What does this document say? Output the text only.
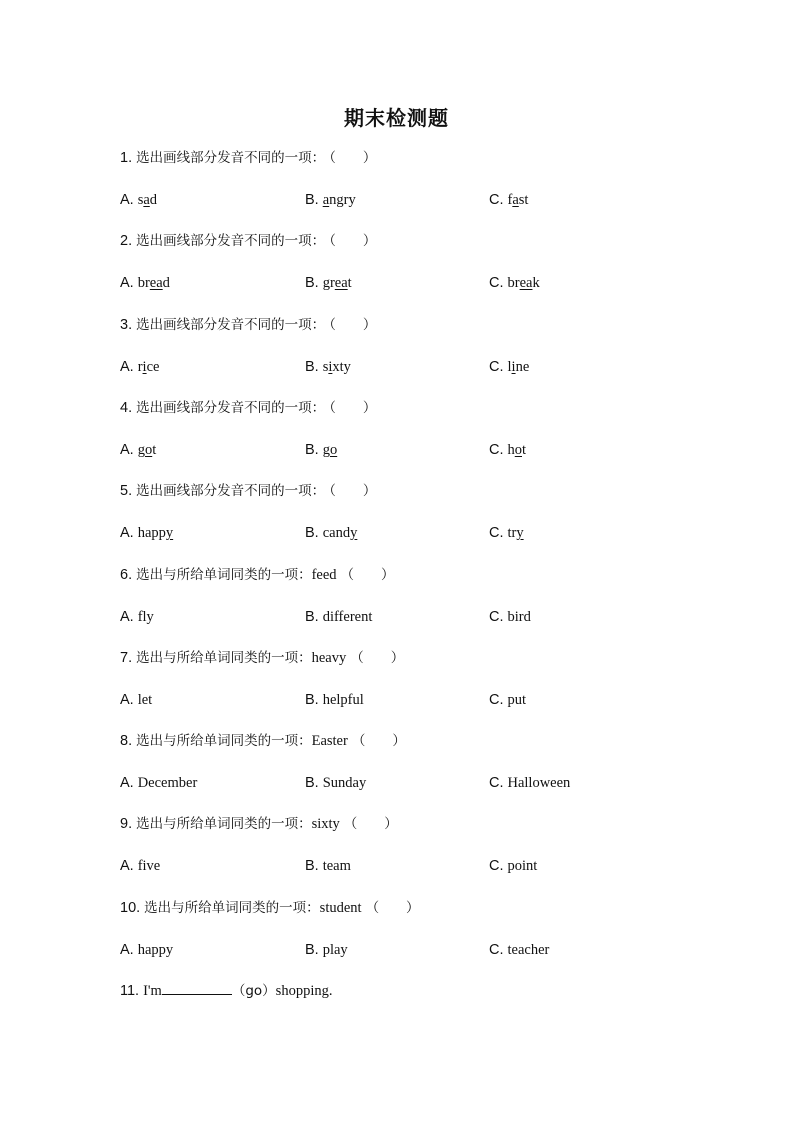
期末检测题
1. 选出画线部分发音不同的一项： （　　）
A. sad	B. angry	C. fast
2. 选出画线部分发音不同的一项： （　　）
A. bread	B. great	C. break
3. 选出画线部分发音不同的一项： （　　）
A. rice	B. sixty	C. line
4. 选出画线部分发音不同的一项： （　　）
A. got	B. go	C. hot
5. 选出画线部分发音不同的一项： （　　）
A. happy	B. candy	C. try
6. 选出与所给单词同类的一项：feed （　　）
A. fly	B. different	C. bird
7. 选出与所给单词同类的一项：heavy （　　）
A. let	B. helpful	C. put
8. 选出与所给单词同类的一项：Easter （　　）
A. December	B. Sunday	C. Halloween
9. 选出与所给单词同类的一项：sixty （　　）
A. five	B. team	C. point
10. 选出与所给单词同类的一项：student （　　）
A. happy	B. play	C. teacher
11. I'm	（go）shopping.
